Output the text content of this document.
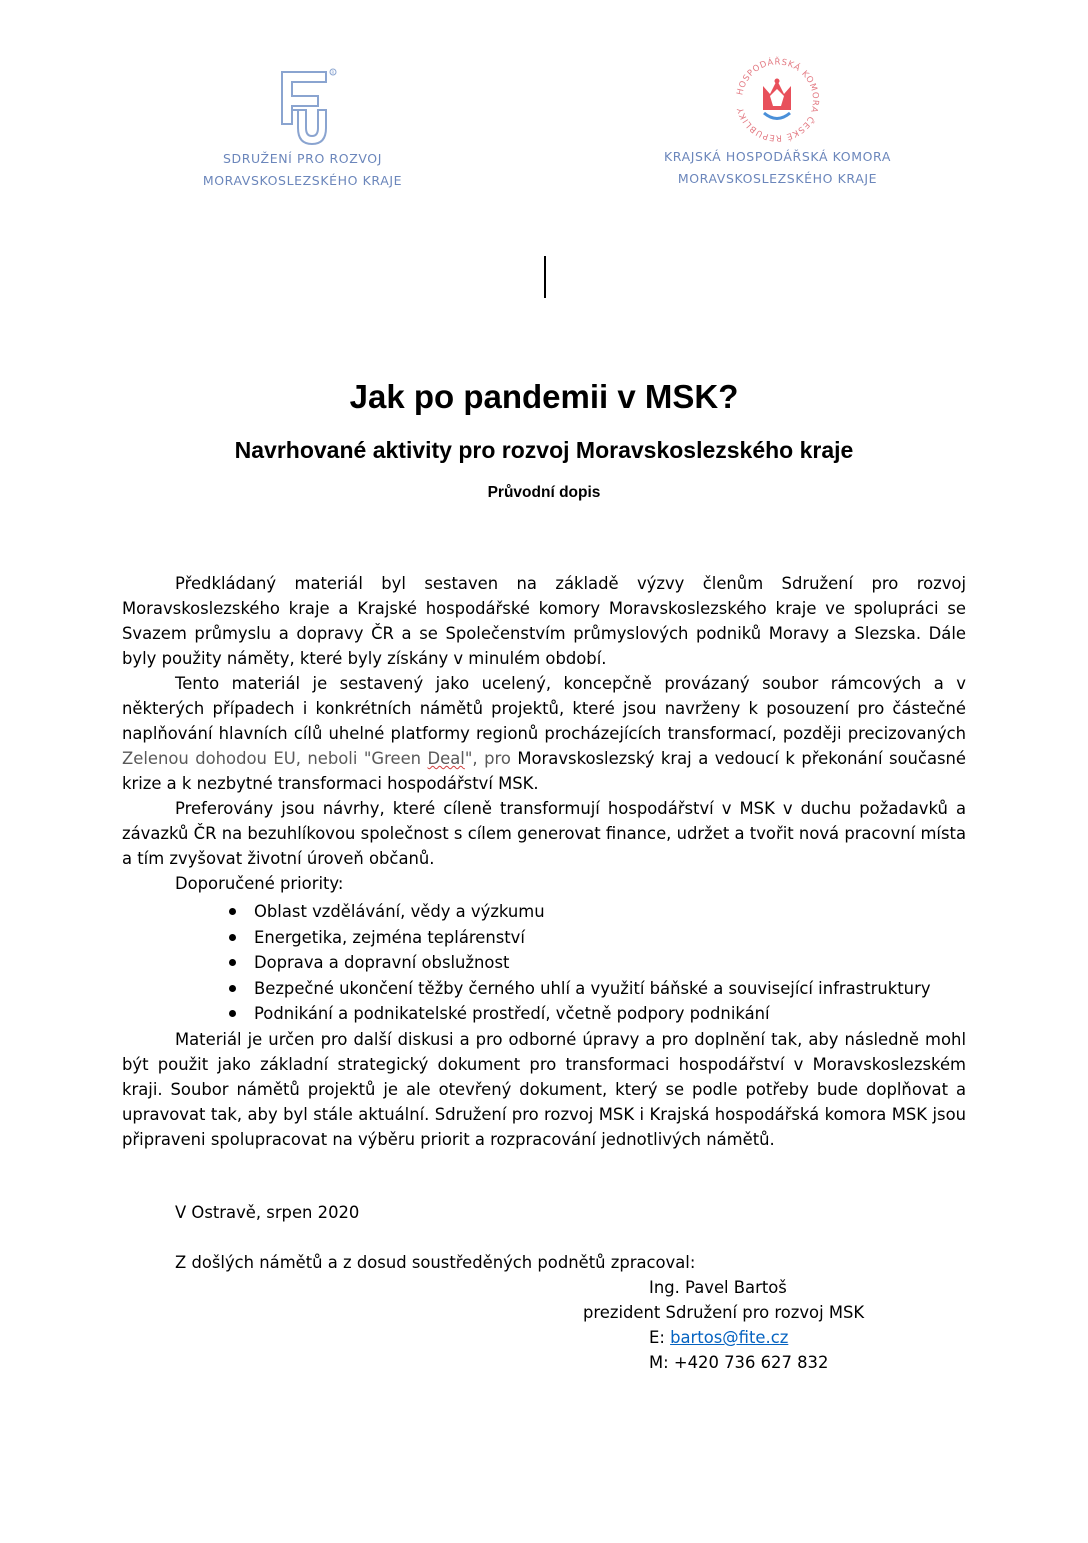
R
SDRUŽENÍ PRO ROZVOJ
MORAVSKOSLEZSKÉHO KRAJE
HOSPODÁŘSKÁ KOMORA ČESKÉ REPUBLIKY
KRAJSKÁ HOSPODÁŘSKÁ KOMORA
MORAVSKOSLEZSKÉHO KRAJE
Jak po pandemii v MSK?
Navrhované aktivity pro rozvoj Moravskoslezského kraje
Průvodní dopis

Předkládaný materiál byl sestaven na základě výzvy členům Sdružení pro rozvoj Moravskoslezského kraje a Krajské hospodářské komory Moravskoslezského kraje ve spolupráci se Svazem průmyslu a dopravy ČR a se Společenstvím průmyslových podniků Moravy a Slezska. Dále byly použity náměty, které byly získány v minulém období.

Tento materiál je sestavený jako ucelený, koncepčně provázaný soubor rámcových a v některých případech i konkrétních námětů projektů, které jsou navrženy k posouzení pro částečné naplňování hlavních cílů uhelné platformy regionů procházejících transformací, později precizovaných Zelenou dohodou EU, neboli "Green Deal", pro Moravskoslezský kraj a vedoucí k překonání současné krize a k nezbytné transformaci hospodářství MSK.

Preferovány jsou návrhy, které cíleně transformují hospodářství v MSK v duchu požadavků a závazků ČR na bezuhlíkovou společnost s cílem generovat finance, udržet a tvořit nová pracovní místa a tím zvyšovat životní úroveň občanů.

Doporučené priority:

Oblast vzdělávání, vědy a výzkumu
Energetika, zejména teplárenství
Doprava a dopravní obslužnost
Bezpečné ukončení těžby černého uhlí a využití báňské a související infrastruktury
Podnikání a podnikatelské prostředí, včetně podpory podnikání

Materiál je určen pro další diskusi a pro odborné úpravy a pro doplnění tak, aby následně mohl být použit jako základní strategický dokument pro transformaci hospodářství v Moravskoslezském kraji. Soubor námětů projektů je ale otevřený dokument, který se podle potřeby bude doplňovat a upravovat tak, aby byl stále aktuální. Sdružení pro rozvoj MSK i Krajská hospodářská komora MSK jsou připraveni spolupracovat na výběru priorit a rozpracování jednotlivých námětů.

V Ostravě, srpen 2020
Z došlých námětů a z dosud soustředěných podnětů zpracoval:
Ing. Pavel Bartoš
prezident Sdružení pro rozvoj MSK
E: bartos@fite.cz
M: +420 736 627 832
